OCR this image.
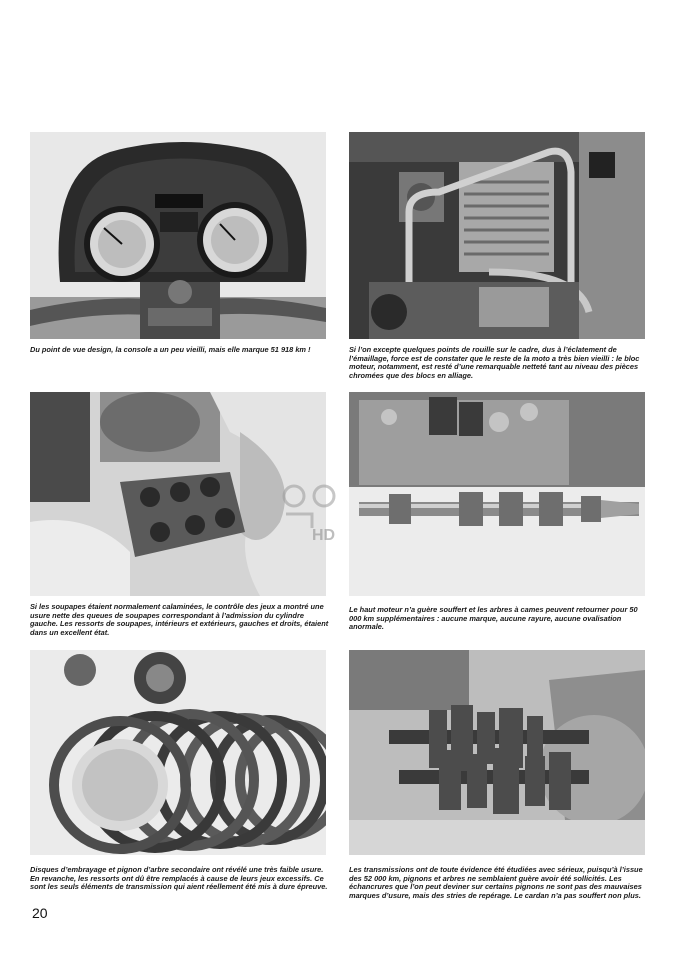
Du point de vue design, la console a un peu vieilli, mais elle marque 51 918 km !	Si l’on excepte quelques points de rouille sur le cadre, dus à l’éclatement de l’émaillage, force est de constater que le reste de la moto a très bien vieilli : le bloc moteur, notamment, est resté d’une remarquable netteté tant au niveau des pièces chromées que des blocs en alliage.
Si les soupapes étaient normalement calaminées, le contrôle des jeux a montré une usure nette des queues de soupapes correspondant à l’admission du cylindre gauche. Les ressorts de soupapes, intérieurs et extérieurs, gauches et droits, étaient dans un excellent état.
Le haut moteur n’a guère souffert et les arbres à cames peuvent retourner pour 50 000 km supplémentaires : aucune marque, aucune rayure, aucune ovalisation anormale.
Disques d’embrayage et pignon d’arbre secondaire ont révélé une très faible usure. En revanche, les ressorts ont dû être remplacés à cause de leurs jeux excessifs. Ce sont les seuls éléments de transmission qui aient réellement été mis à dure épreuve.
Les transmissions ont de toute évidence été étudiées avec sérieux, puisqu’à l’issue des 52 000 km, pignons et arbres ne semblaient guère avoir été sollicités. Les échancrures que l’on peut deviner sur certains pignons ne sont pas des mauvaises marques d’usure, mais des stries de repérage. Le cardan n’a pas souffert non plus.
HD
20
